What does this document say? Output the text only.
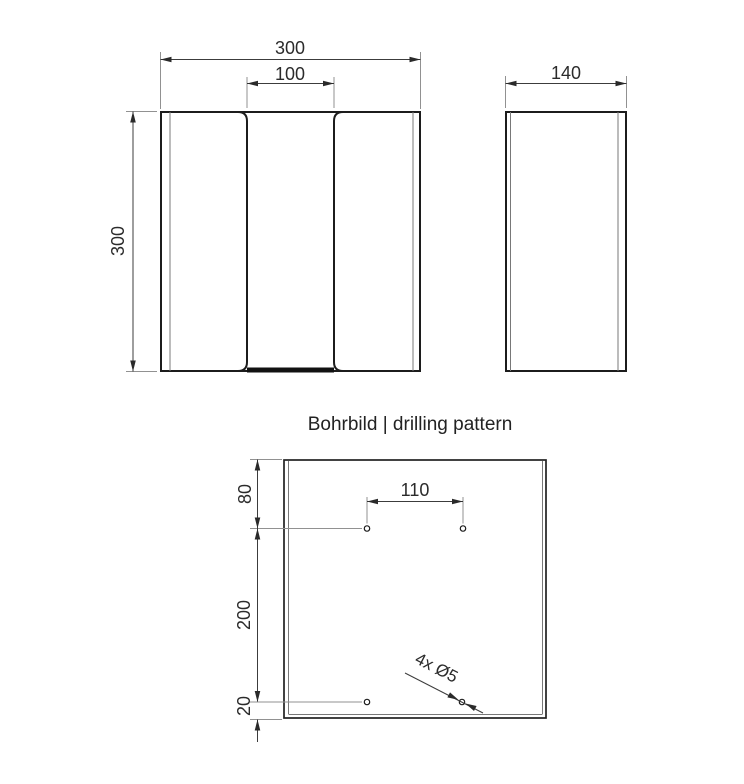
300
100	140
300
Bohrbild | drilling pattern
80	110
200
20
4x Ø5
